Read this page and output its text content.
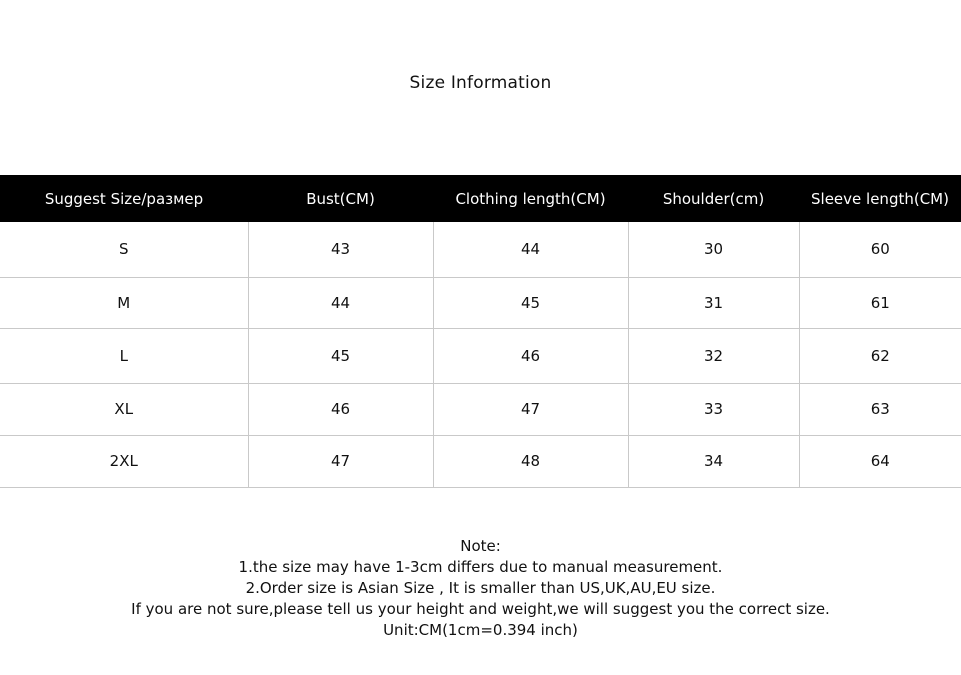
Size Information
Suggest Size/размер	Bust(CM)	Clothing length(CM)	Shoulder(cm)	Sleeve length(CM)
S	43	44	30	60
M	44	45	31	61
L	45	46	32	62
XL	46	47	33	63
2XL	47	48	34	64
Note:
1.the size may have 1-3cm differs due to manual measurement.
2.Order size is Asian Size , It is smaller than US,UK,AU,EU size.
If you are not sure,please tell us your height and weight,we will suggest you the correct size.
Unit:CM(1cm=0.394 inch)
